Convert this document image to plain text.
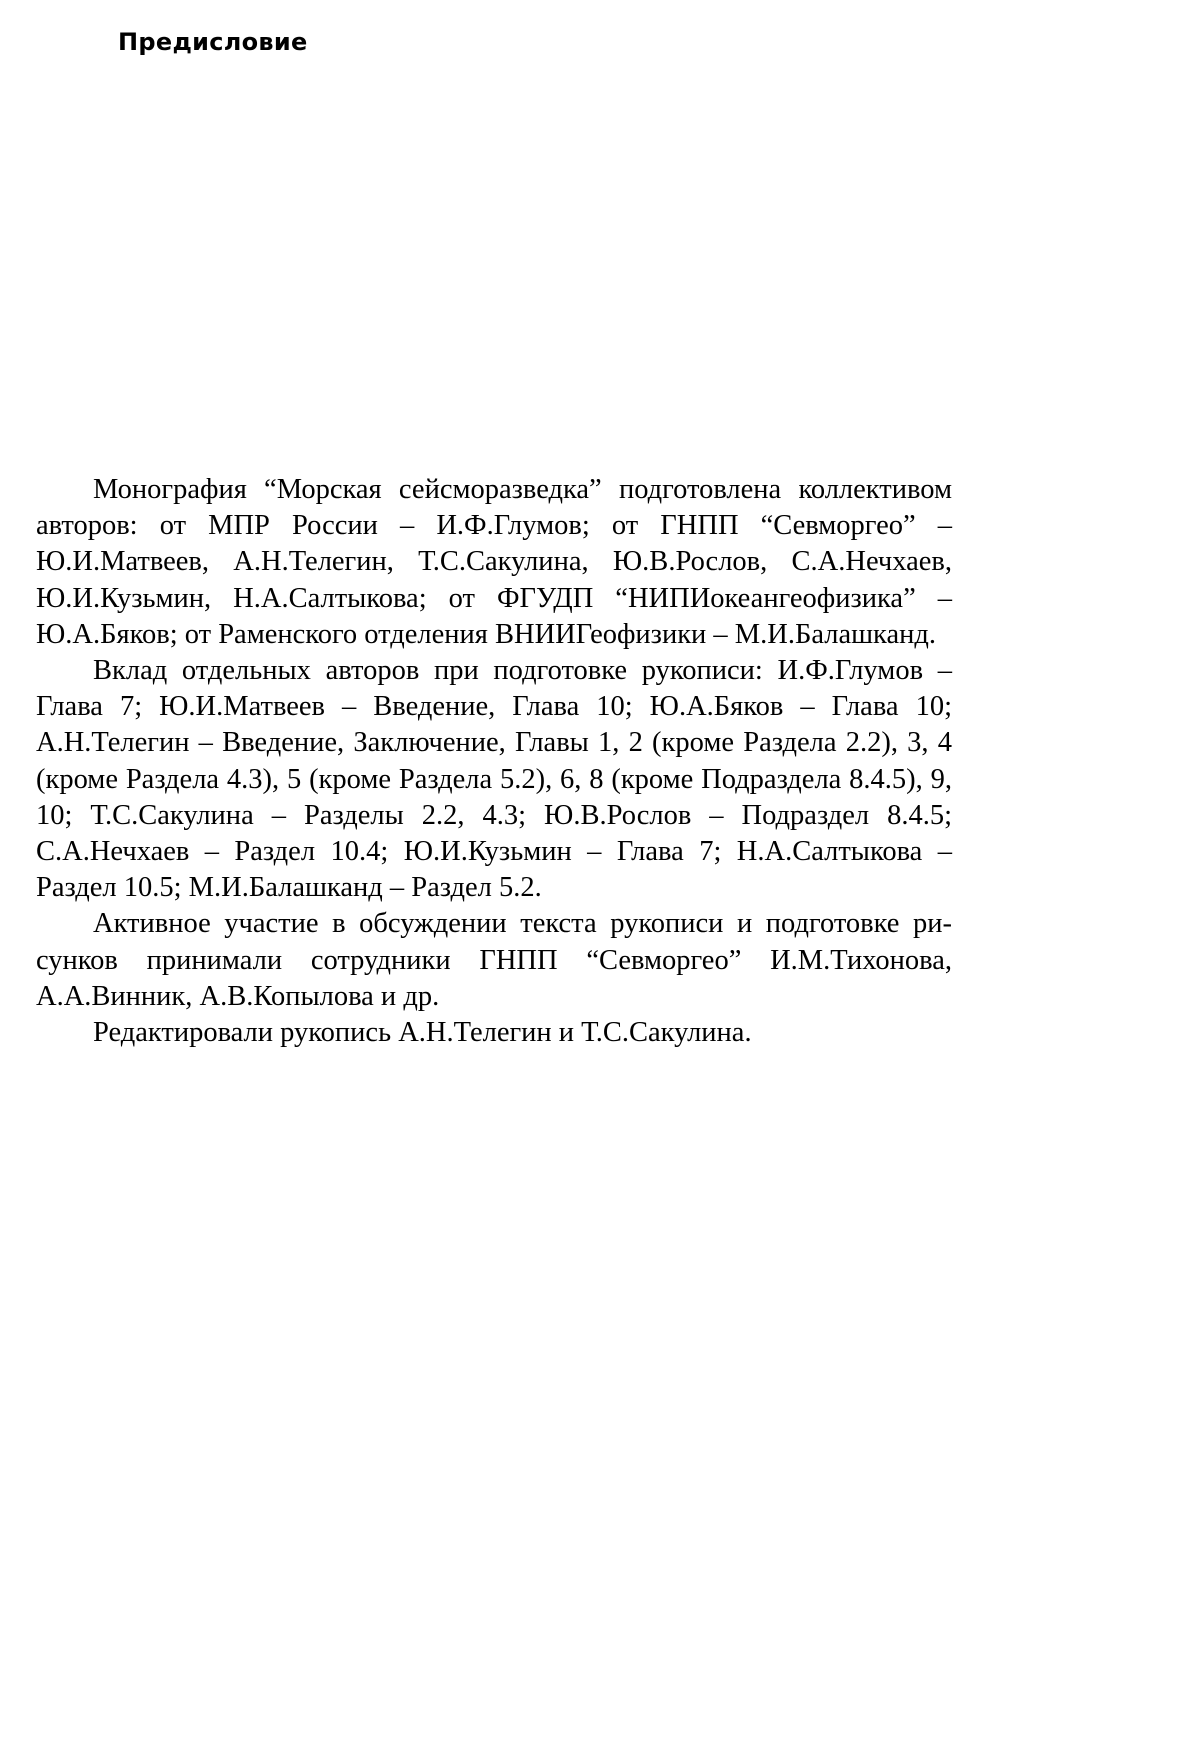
Предисловие

Монография “Морская сейсморазведка” подготовлена коллективом авторов: от МПР России – И.Ф.Глумов; от ГНПП “Севморгео” – Ю.И.Матвеев, А.Н.Телегин, Т.С.Сакулина, Ю.В.Рослов, С.А.Нечхаев, Ю.И.Кузьмин, Н.А.Салтыкова; от ФГУДП “НИПИокеангеофизика” – Ю.А.Бяков; от Раменского отделения ВНИИГеофизики – М.И.Балашканд.

Вклад отдельных авторов при подготовке рукописи: И.Ф.Глумов – Глава 7; Ю.И.Матвеев – Введение, Глава 10; Ю.А.Бяков – Глава 10; А.Н.Телегин – Введение, Заключение, Главы 1, 2 (кроме Раздела 2.2), 3, 4 (кроме Раздела 4.3), 5 (кроме Раздела 5.2), 6, 8 (кроме Подраздела 8.4.5), 9, 10; Т.С.Сакулина – Разделы 2.2, 4.3; Ю.В.Рослов – Подраздел 8.4.5; С.А.Нечхаев – Раздел 10.4; Ю.И.Кузьмин – Глава 7; Н.А.Салтыкова – Раздел 10.5; М.И.Балашканд – Раздел 5.2.

Активное участие в обсуждении текста рукописи и подготовке рисунков принимали сотрудники ГНПП “Севморгео” И.М.Тихонова, А.А.Винник, А.В.Копылова и др.

Редактировали рукопись А.Н.Телегин и Т.С.Сакулина.
